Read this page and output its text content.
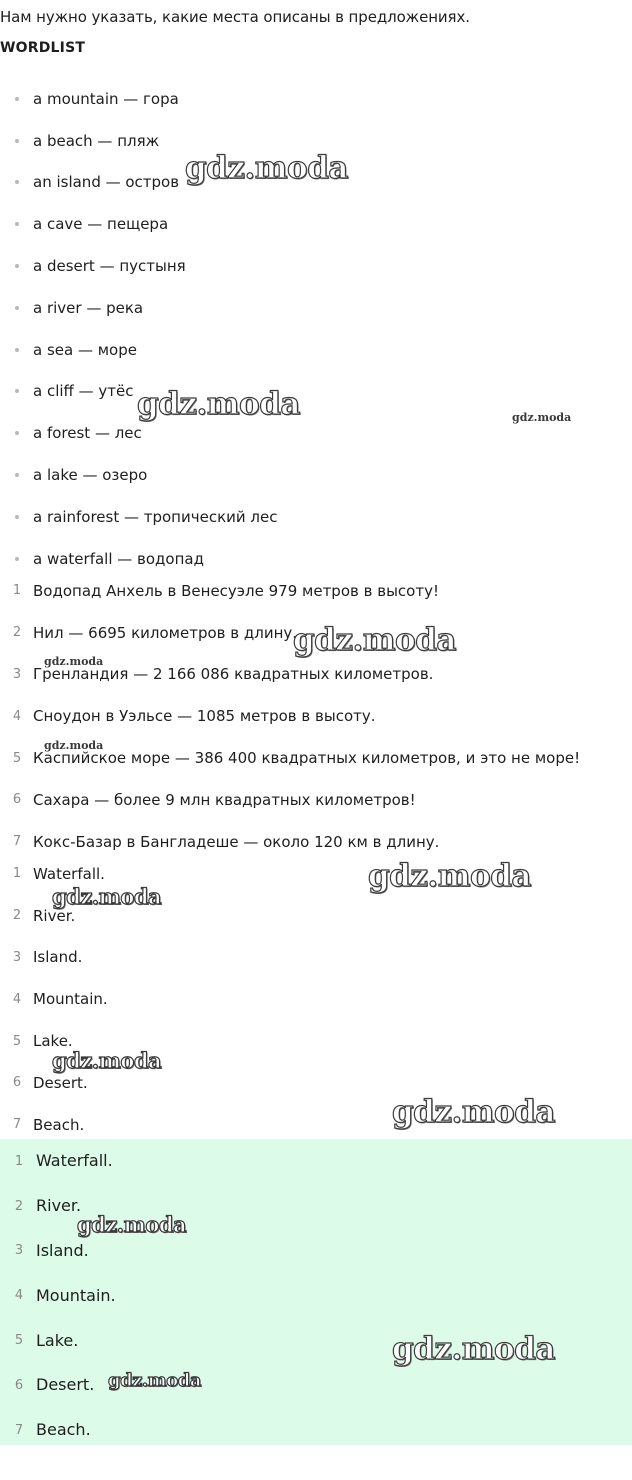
Нам нужно указать, какие места описаны в предложениях.
WORDLIST
a mountain — гора
a beach — пляж
an island — остров
a cave — пещера
a desert — пустыня
a river — река
a sea — море
a cliff — утёс
a forest — лес
a lake — озеро
a rainforest — тропический лес
a waterfall — водопад
1 Водопад Анхель в Венесуэле 979 метров в высоту!
2 Нил — 6695 километров в длину.
3 Гренландия — 2 166 086 квадратных километров.
4 Сноудон в Уэльсе — 1085 метров в высоту.
5 Каспийское море — 386 400 квадратных километров, и это не море!
6 Сахара — более 9 млн квадратных километров!
7 Кокс-Базар в Бангладеше — около 120 км в длину.
1 Waterfall.
2 River.
3 Island.
4 Mountain.
5 Lake.
6 Desert.
7 Beach.
1 Waterfall.
2 River.
3 Island.
4 Mountain.
5 Lake.
6 Desert.
7 Beach.
gdz.moda
gdz.moda	gdz.moda
gdz.moda
gdz.moda
gdz.moda
gdz.moda
gdz.moda
gdz.moda
gdz.moda
gdz.moda
gdz.moda
gdz.moda
